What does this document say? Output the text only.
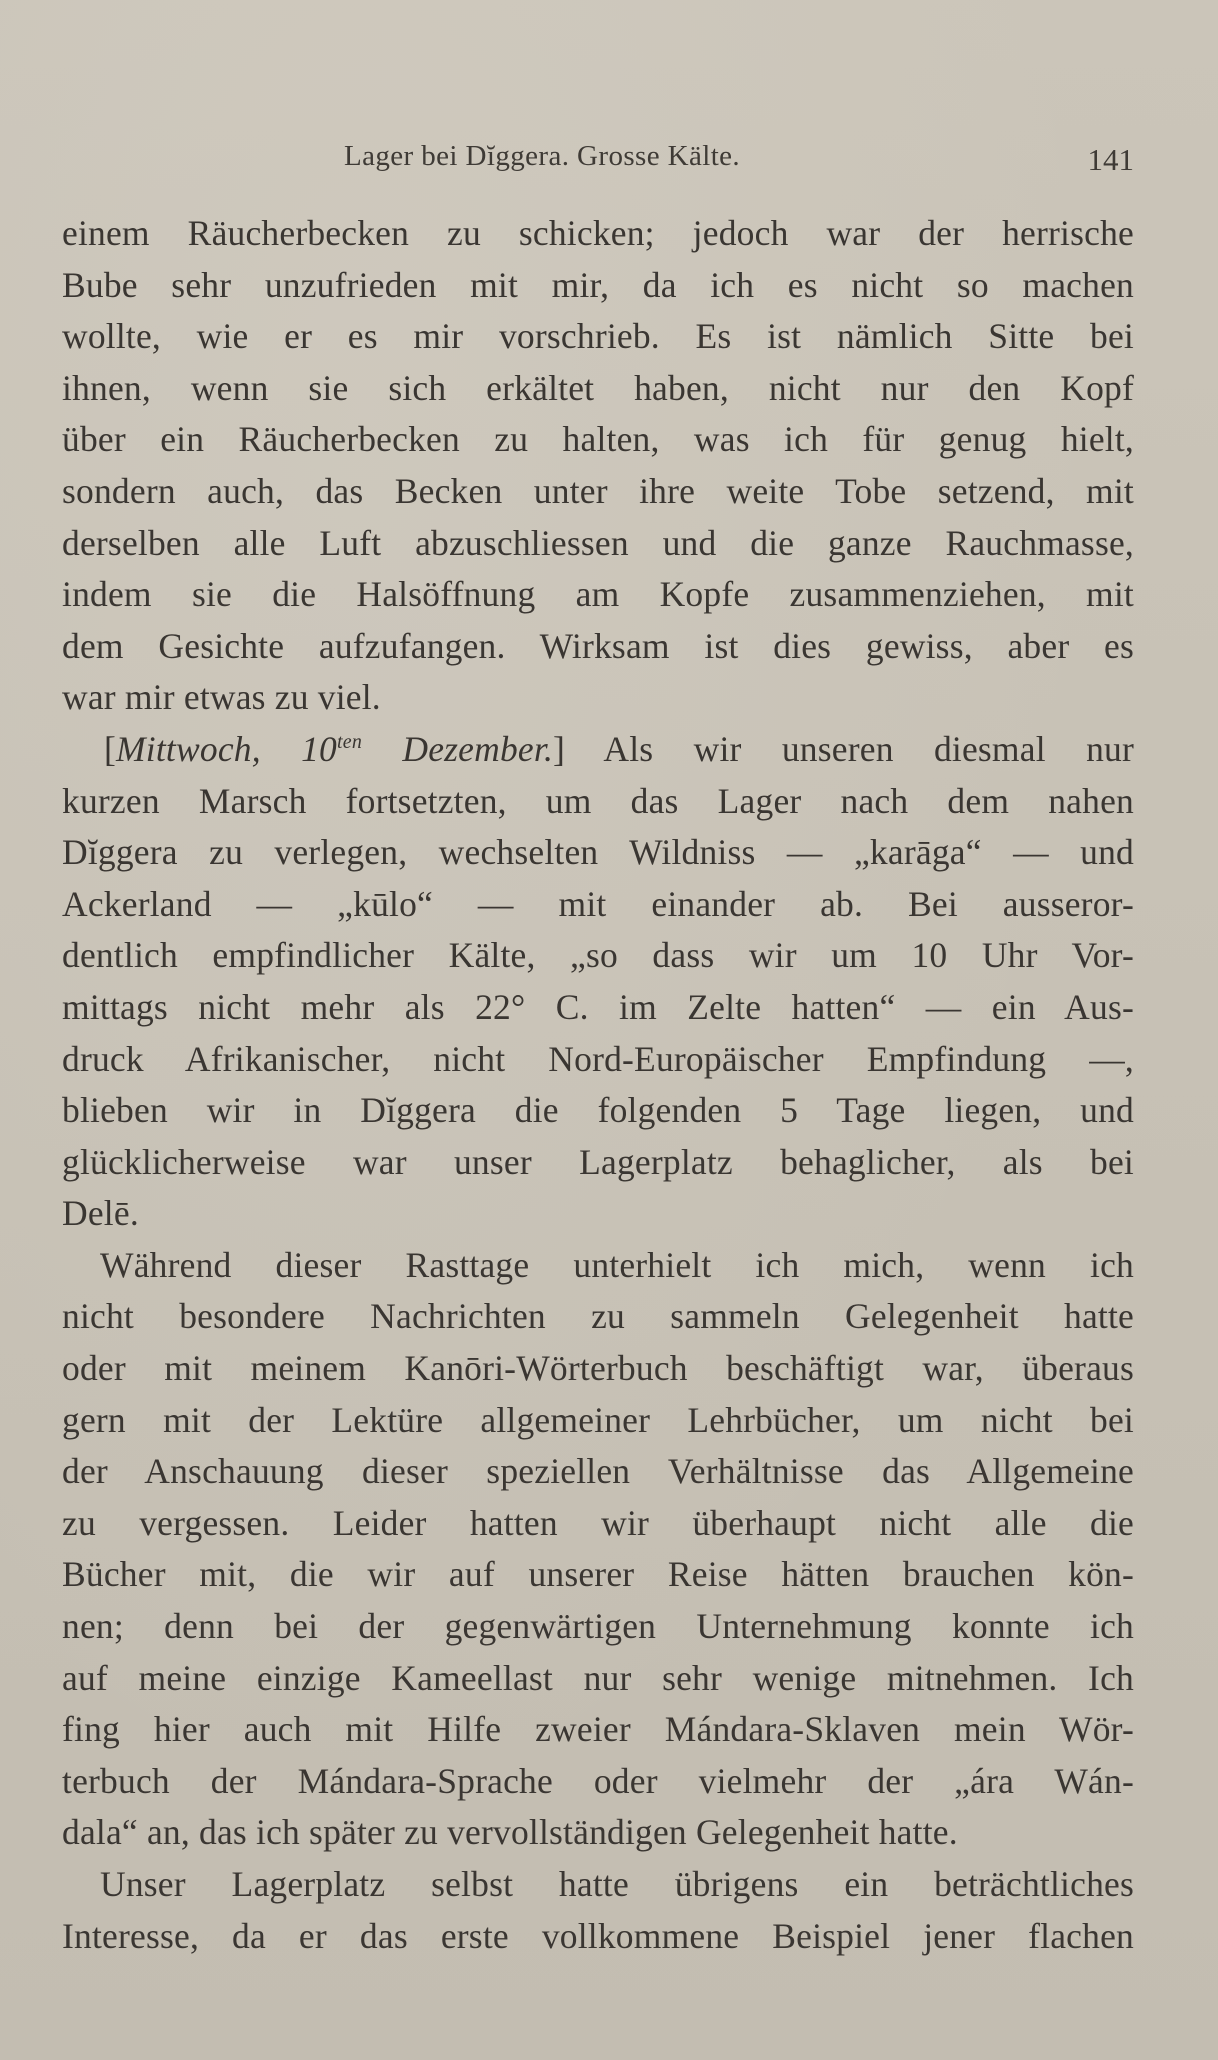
Lager bei Dĭggera. Grosse Kälte.	141
einem Räucherbecken zu schicken; jedoch war der herrische
Bube sehr unzufrieden mit mir, da ich es nicht so machen
wollte, wie er es mir vorschrieb. Es ist nämlich Sitte bei
ihnen, wenn sie sich erkältet haben, nicht nur den Kopf
über ein Räucherbecken zu halten, was ich für genug hielt,
sondern auch, das Becken unter ihre weite Tobe setzend, mit
derselben alle Luft abzuschliessen und die ganze Rauchmasse,
indem sie die Halsöffnung am Kopfe zusammenziehen, mit
dem Gesichte aufzufangen. Wirksam ist dies gewiss, aber es
war mir etwas zu viel.
[Mittwoch, $10^{ten}$ Dezember.] Als wir unseren diesmal nur
kurzen Marsch fortsetzten, um das Lager nach dem nahen
Dĭggera zu verlegen, wechselten Wildniss — „karāga“ — und
Ackerland — „kūlo“ — mit einander ab. Bei ausseror-
dentlich empfindlicher Kälte, „so dass wir um 10 Uhr Vor-
mittags nicht mehr als 22° C. im Zelte hatten“ — ein Aus-
druck Afrikanischer, nicht Nord-Europäischer Empfindung —,
blieben wir in Dĭggera die folgenden 5 Tage liegen, und
glücklicherweise war unser Lagerplatz behaglicher, als bei
Delē.
Während dieser Rasttage unterhielt ich mich, wenn ich
nicht besondere Nachrichten zu sammeln Gelegenheit hatte
oder mit meinem Kanōri-Wörterbuch beschäftigt war, überaus
gern mit der Lektüre allgemeiner Lehrbücher, um nicht bei
der Anschauung dieser speziellen Verhältnisse das Allgemeine
zu vergessen. Leider hatten wir überhaupt nicht alle die
Bücher mit, die wir auf unserer Reise hätten brauchen kön-
nen; denn bei der gegenwärtigen Unternehmung konnte ich
auf meine einzige Kameellast nur sehr wenige mitnehmen. Ich
fing hier auch mit Hilfe zweier Mándara-Sklaven mein Wör-
terbuch der Mándara-Sprache oder vielmehr der „ára Wán-
dala“ an, das ich später zu vervollständigen Gelegenheit hatte.
Unser Lagerplatz selbst hatte übrigens ein beträchtliches
Interesse, da er das erste vollkommene Beispiel jener flachen
